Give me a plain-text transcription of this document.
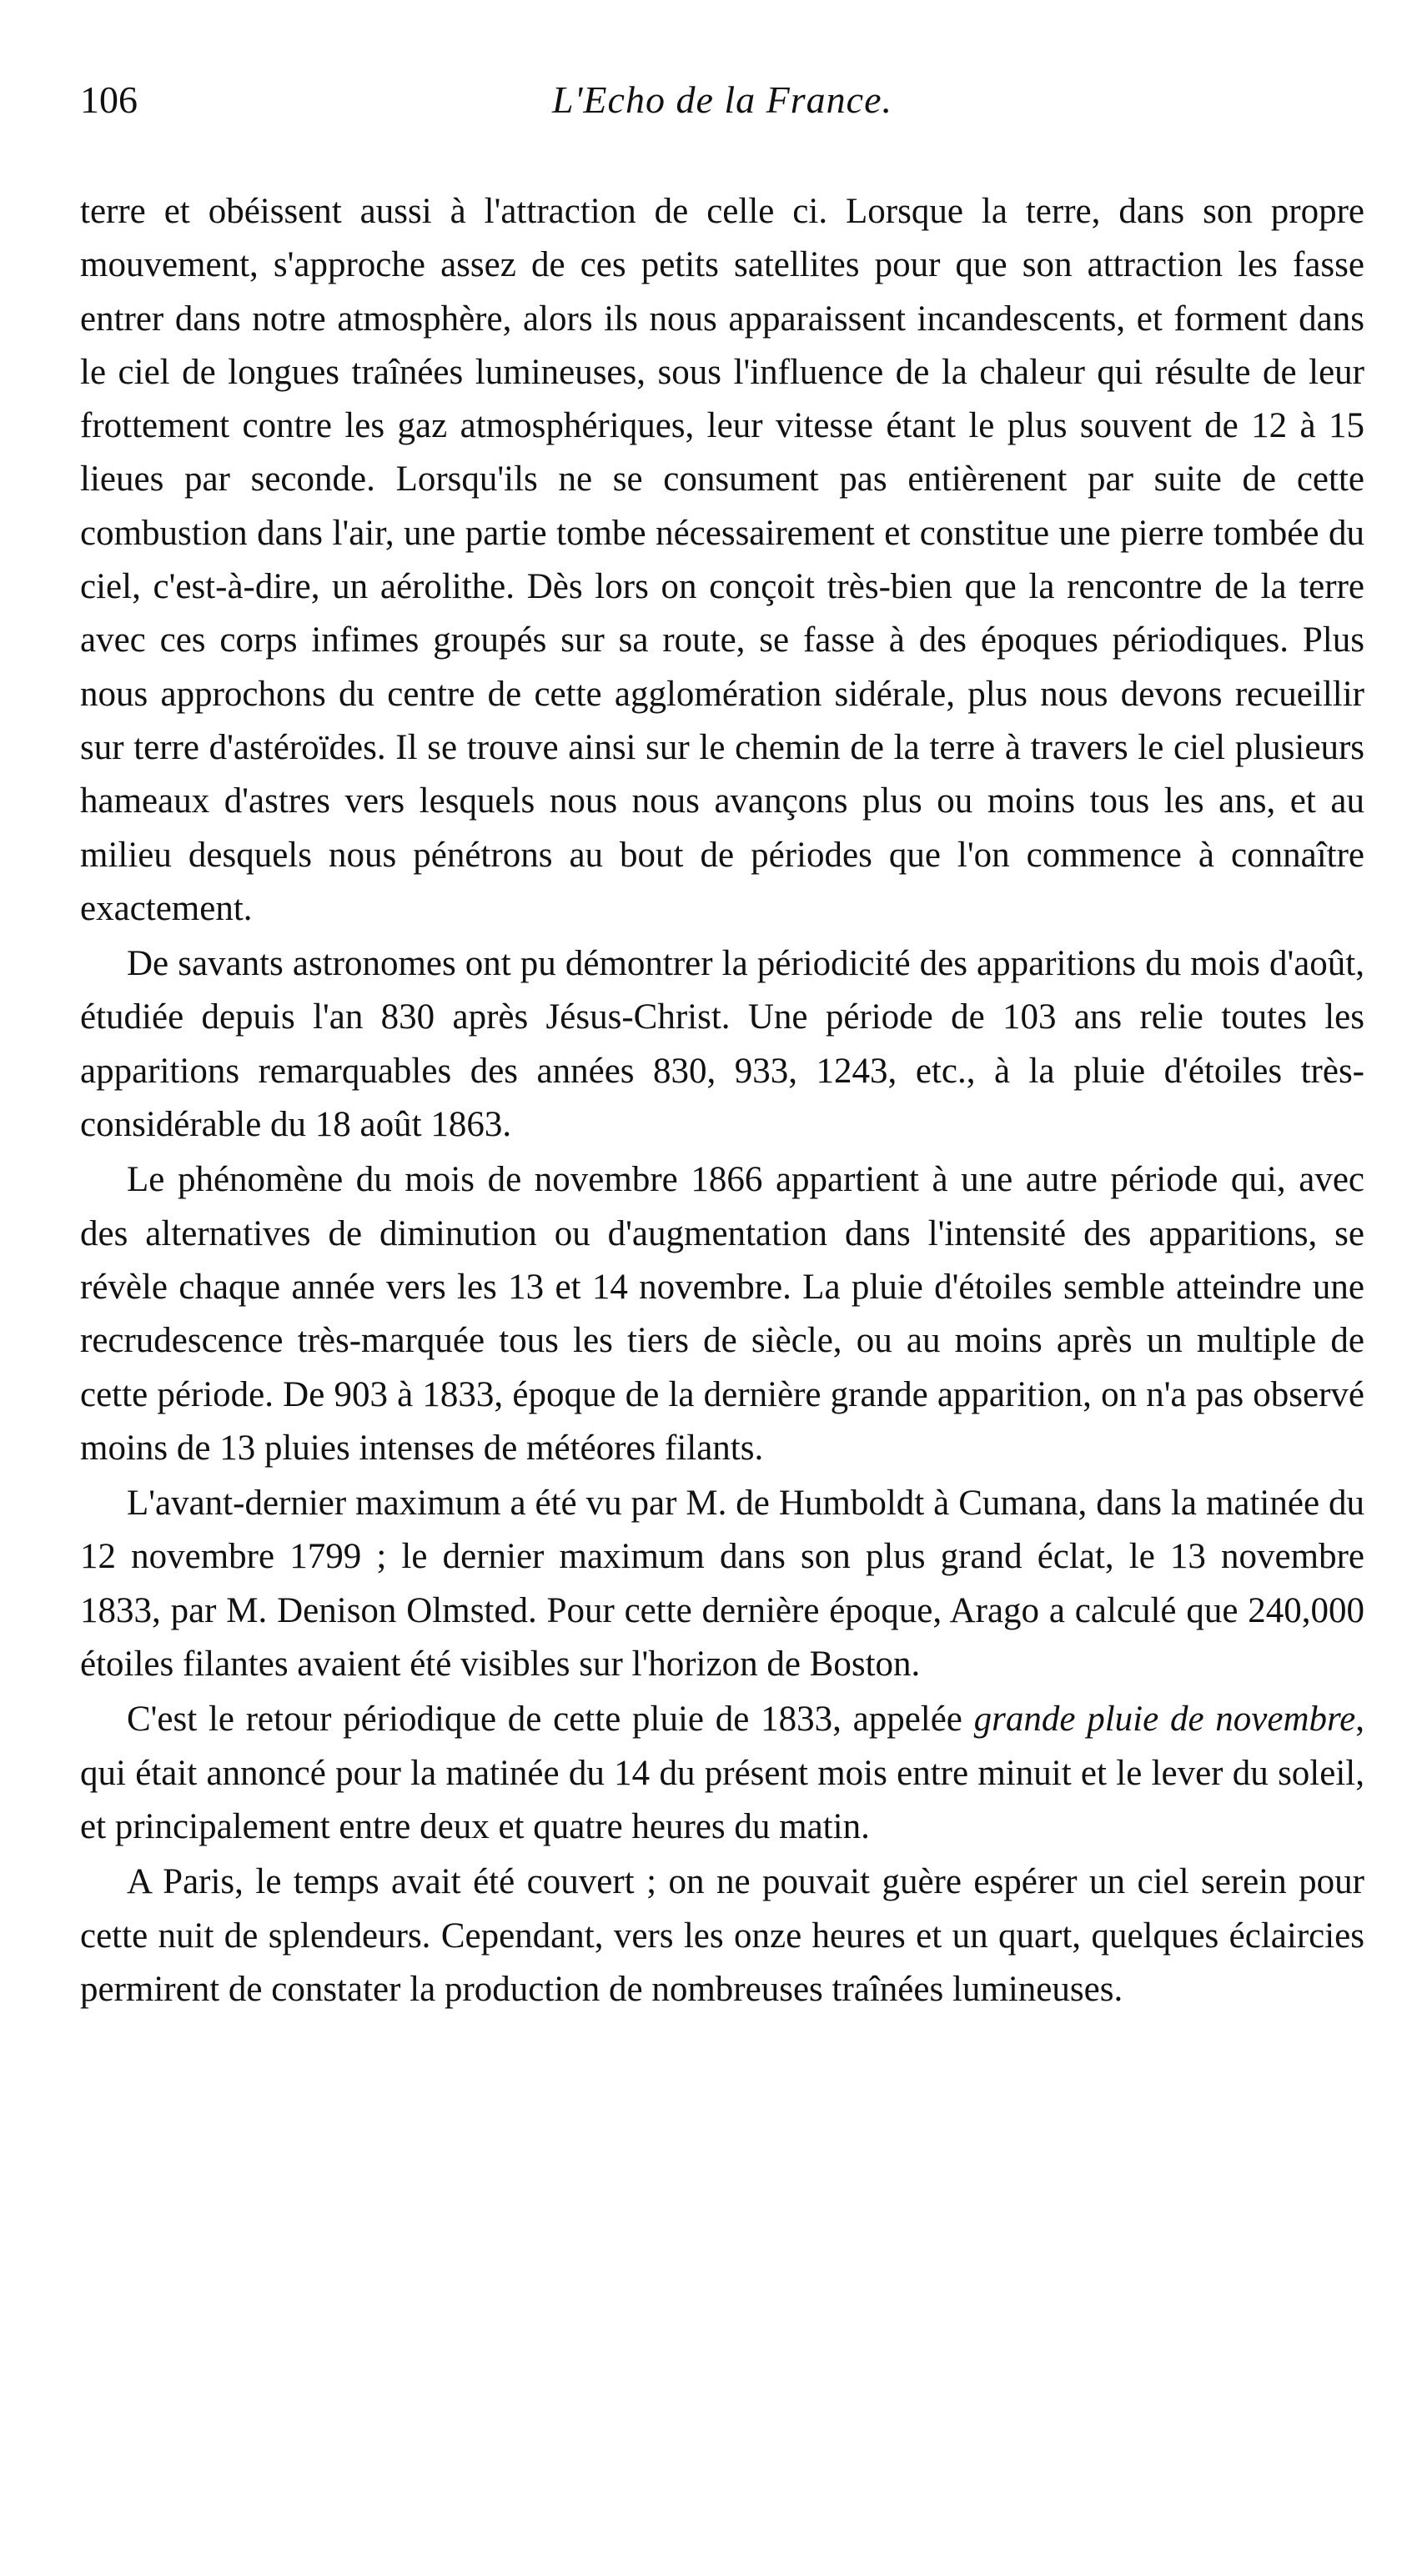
106	L'Echo de la France.

terre et obéissent aussi à l'attraction de celle ci. Lorsque la terre, dans son propre mouvement, s'approche assez de ces petits satellites pour que son attraction les fasse entrer dans notre atmosphère, alors ils nous apparaissent incandescents, et forment dans le ciel de longues traînées lumineuses, sous l'influence de la chaleur qui résulte de leur frottement contre les gaz atmosphériques, leur vitesse étant le plus souvent de 12 à 15 lieues par seconde. Lorsqu'ils ne se consument pas entièrenent par suite de cette combustion dans l'air, une partie tombe nécessairement et constitue une pierre tombée du ciel, c'est-à-dire, un aérolithe. Dès lors on conçoit très-bien que la rencontre de la terre avec ces corps infimes groupés sur sa route, se fasse à des époques périodiques. Plus nous approchons du centre de cette agglomération sidérale, plus nous devons recueillir sur terre d'astéroïdes. Il se trouve ainsi sur le chemin de la terre à travers le ciel plusieurs hameaux d'astres vers lesquels nous nous avançons plus ou moins tous les ans, et au milieu desquels nous pénétrons au bout de périodes que l'on commence à connaître exactement.

De savants astronomes ont pu démontrer la périodicité des apparitions du mois d'août, étudiée depuis l'an 830 après Jésus-Christ. Une période de 103 ans relie toutes les apparitions remarquables des années 830, 933, 1243, etc., à la pluie d'étoiles très-considérable du 18 août 1863.

Le phénomène du mois de novembre 1866 appartient à une autre période qui, avec des alternatives de diminution ou d'augmentation dans l'intensité des apparitions, se révèle chaque année vers les 13 et 14 novembre. La pluie d'étoiles semble atteindre une recrudescence très-marquée tous les tiers de siècle, ou au moins après un multiple de cette période. De 903 à 1833, époque de la dernière grande apparition, on n'a pas observé moins de 13 pluies intenses de météores filants.

L'avant-dernier maximum a été vu par M. de Humboldt à Cumana, dans la matinée du 12 novembre 1799 ; le dernier maximum dans son plus grand éclat, le 13 novembre 1833, par M. Denison Olmsted. Pour cette dernière époque, Arago a calculé que 240,000 étoiles filantes avaient été visibles sur l'horizon de Boston.

C'est le retour périodique de cette pluie de 1833, appelée grande pluie de novembre, qui était annoncé pour la matinée du 14 du présent mois entre minuit et le lever du soleil, et principalement entre deux et quatre heures du matin.

A Paris, le temps avait été couvert ; on ne pouvait guère espérer un ciel serein pour cette nuit de splendeurs. Cependant, vers les onze heures et un quart, quelques éclaircies permirent de constater la production de nombreuses traînées lumineuses.
